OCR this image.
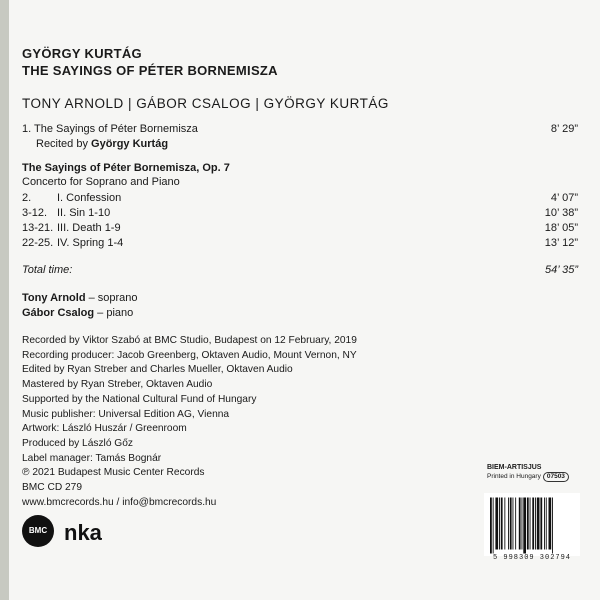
GYÖRGY KURTÁG
THE SAYINGS OF PÉTER BORNEMISZA
TONY ARNOLD | GÁBOR CSALOG | GYÖRGY KURTÁG
1. The Sayings of Péter Bornemisza	8’ 29”
Recited by György Kurtág
The Sayings of Péter Bornemisza, Op. 7
Concerto for Soprano and Piano
2. I. Confession	4’ 07”
3-12. II. Sin 1-10	10’ 38”
13-21. III. Death 1-9	18’ 05”
22-25. IV. Spring 1-4	13’ 12”
Total time:	54’ 35”
Tony Arnold – soprano
Gábor Csalog – piano
Recorded by Viktor Szabó at BMC Studio, Budapest on 12 February, 2019
Recording producer: Jacob Greenberg, Oktaven Audio, Mount Vernon, NY
Edited by Ryan Streber and Charles Mueller, Oktaven Audio
Mastered by Ryan Streber, Oktaven Audio
Supported by the National Cultural Fund of Hungary
Music publisher: Universal Edition AG, Vienna
Artwork: László Huszár / Greenroom
Produced by László Gőz
Label manager: Tamás Bognár
℗ 2021 Budapest Music Center Records
BMC CD 279
www.bmcrecords.hu / info@bmcrecords.hu
BMC nka
BIEM-ARTISJUS
Printed in Hungary 07503
5 998309 302794
